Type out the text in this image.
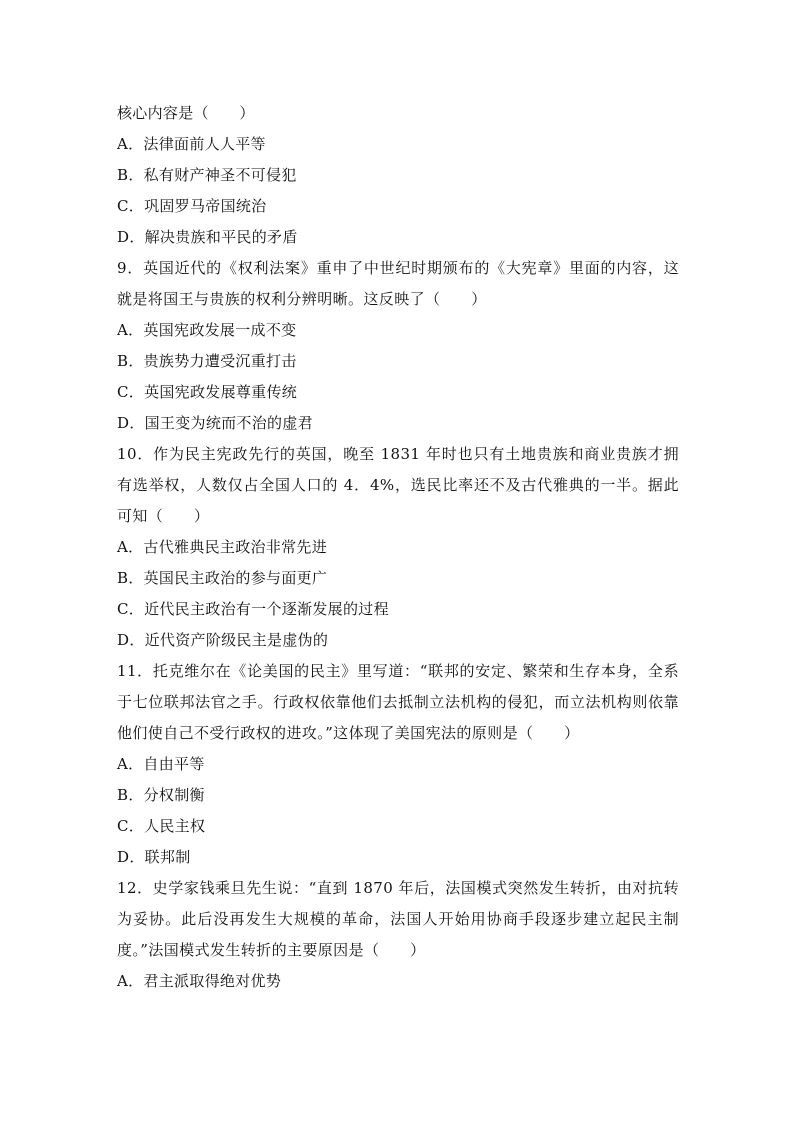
核心内容是（　　）
A．法律面前人人平等
B．私有财产神圣不可侵犯
C．巩固罗马帝国统治
D．解决贵族和平民的矛盾
9．英国近代的《权利法案》重申了中世纪时期颁布的《大宪章》里面的内容，这就是将国王与贵族的权利分辨明晰。这反映了（　　）
A．英国宪政发展一成不变
B．贵族势力遭受沉重打击
C．英国宪政发展尊重传统
D．国王变为统而不治的虚君
10．作为民主宪政先行的英国，晚至 1831 年时也只有土地贵族和商业贵族才拥有选举权，人数仅占全国人口的 4．4%，选民比率还不及古代雅典的一半。据此可知（　　）
A．古代雅典民主政治非常先进
B．英国民主政治的参与面更广
C．近代民主政治有一个逐渐发展的过程
D．近代资产阶级民主是虚伪的
11．托克维尔在《论美国的民主》里写道：“联邦的安定、繁荣和生存本身，全系于七位联邦法官之手。行政权依靠他们去抵制立法机构的侵犯，而立法机构则依靠他们使自己不受行政权的进攻。”这体现了美国宪法的原则是（　　）
A．自由平等
B．分权制衡
C．人民主权
D．联邦制
12．史学家钱乘旦先生说：“直到 1870 年后，法国模式突然发生转折，由对抗转为妥协。此后没再发生大规模的革命，法国人开始用协商手段逐步建立起民主制度。”法国模式发生转折的主要原因是（　　）
A．君主派取得绝对优势
